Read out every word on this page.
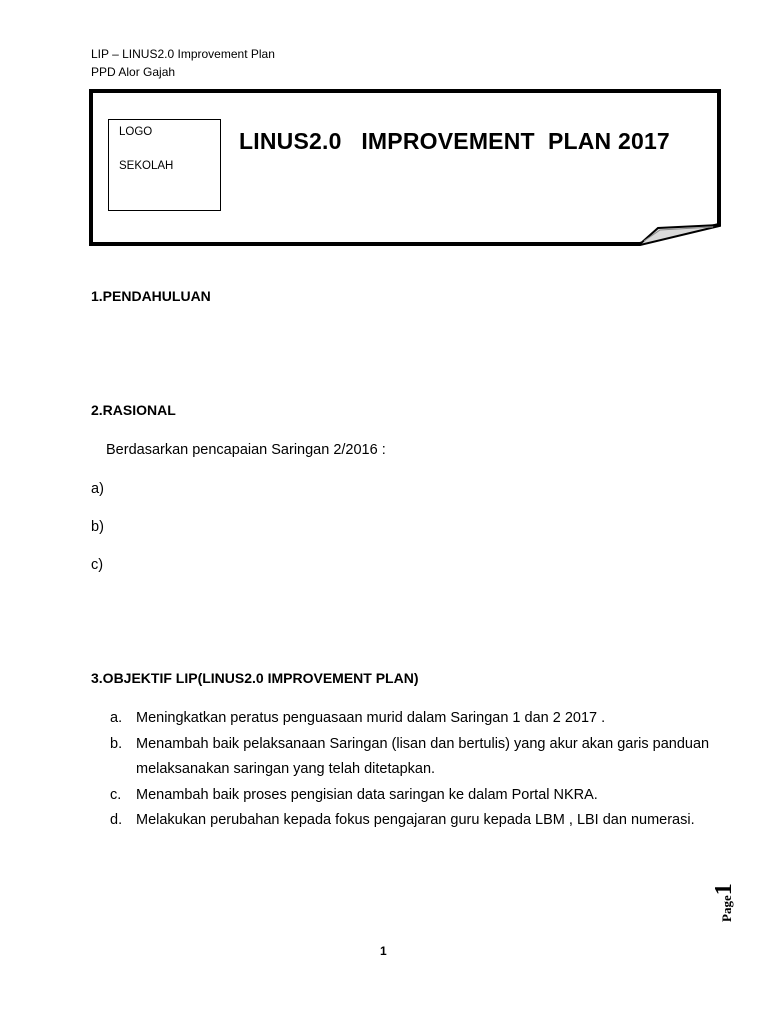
LIP – LINUS2.0 Improvement Plan
PPD Alor Gajah
LOGO
SEKOLAH
LINUS2.0   IMPROVEMENT  PLAN 2017
1.PENDAHULUAN
2.RASIONAL
Berdasarkan pencapaian Saringan 2/2016 :
a)
b)
c)
3.OBJEKTIF LIP(LINUS2.0 IMPROVEMENT PLAN)
a. Meningkatkan peratus penguasaan murid dalam Saringan 1 dan 2 2017 .
b. Menambah baik pelaksanaan Saringan (lisan dan bertulis) yang akur akan garis panduan melaksanakan saringan yang telah ditetapkan.
c. Menambah baik proses pengisian data saringan ke dalam Portal NKRA.
d. Melakukan perubahan kepada fokus pengajaran guru kepada LBM , LBI dan numerasi.
Page1
1
